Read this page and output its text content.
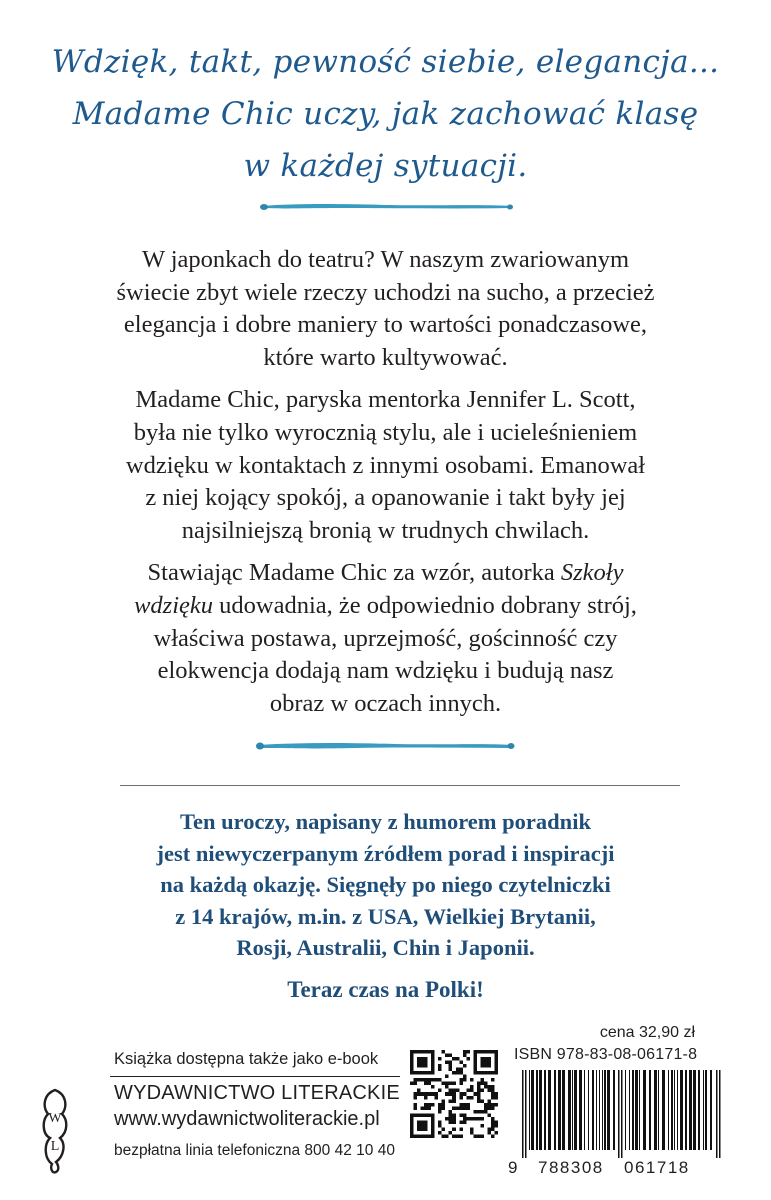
Wdzięk, takt, pewność siebie, elegancja...
Madame Chic uczy, jak zachować klasę
w każdej sytuacji.

W japonkach do teatru? W naszym zwariowanym
świecie zbyt wiele rzeczy uchodzi na sucho, a przecież
elegancja i dobre maniery to wartości ponadczasowe,
które warto kultywować.

Madame Chic, paryska mentorka Jennifer L. Scott,
była nie tylko wyrocznią stylu, ale i ucieleśnieniem
wdzięku w kontaktach z innymi osobami. Emanował
z niej kojący spokój, a opanowanie i takt były jej
najsilniejszą bronią w trudnych chwilach.

Stawiając Madame Chic za wzór, autorka Szkoły
wdzięku udowadnia, że odpowiednio dobrany strój,
właściwa postawa, uprzejmość, gościnność czy
elokwencja dodają nam wdzięku i budują nasz
obraz w oczach innych.

Ten uroczy, napisany z humorem poradnik
jest niewyczerpanym źródłem porad i inspiracji
na każdą okazję. Sięgnęły po niego czytelniczki
z 14 krajów, m.in. z USA, Wielkiej Brytanii,
Rosji, Australii, Chin i Japonii.
Teraz czas na Polki!
cena 32,90 zł
Książka dostępna także jako e-book
W
L
WYDAWNICTWO LITERACKIE
www.wydawnictwoliterackie.pl
bezpłatna linia telefoniczna 800 42 10 40
ISBN 978-83-08-06171-8
9 788308 061718
